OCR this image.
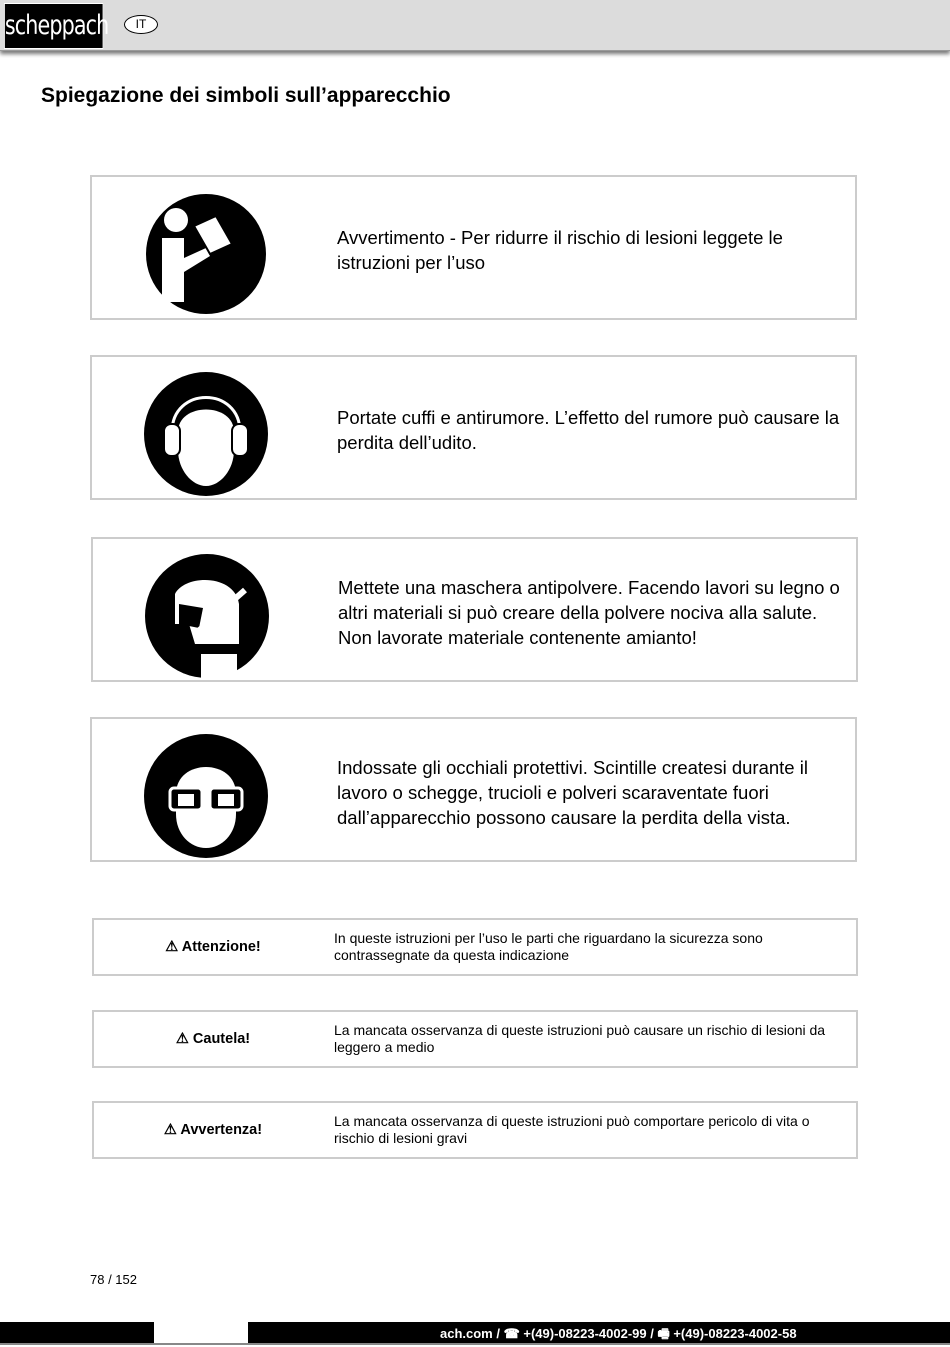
scheppach	IT
Spiegazione dei simboli sull’apparecchio
Avvertimento - Per ridurre il rischio di lesioni leggete le istruzioni per l’uso
Portate cuffi e antirumore. L’effetto del rumore può causare la perdita dell’udito.
Mettete una maschera antipolvere. Facendo lavori su legno o altri materiali si può creare della polvere nociva alla salute. Non lavorate materiale contenente amianto!
Indossate gli occhiali protettivi. Scintille createsi durante il lavoro o schegge, trucioli e polveri scaraventate fuori dall’apparecchio possono causare la perdita della vista.
⚠ Attenzione!
In queste istruzioni per l’uso le parti che riguardano la sicurezza sono contrassegnate da questa indicazione
⚠ Cautela!
La mancata osservanza di queste istruzioni può causare un rischio di lesioni da leggero a medio
⚠ Avvertenza!
La mancata osservanza di queste istruzioni può comportare pericolo di vita o rischio di lesioni gravi
78 / 152
ach.com / ☎ +(49)-08223-4002-99 / 🖷 +(49)-08223-4002-58
